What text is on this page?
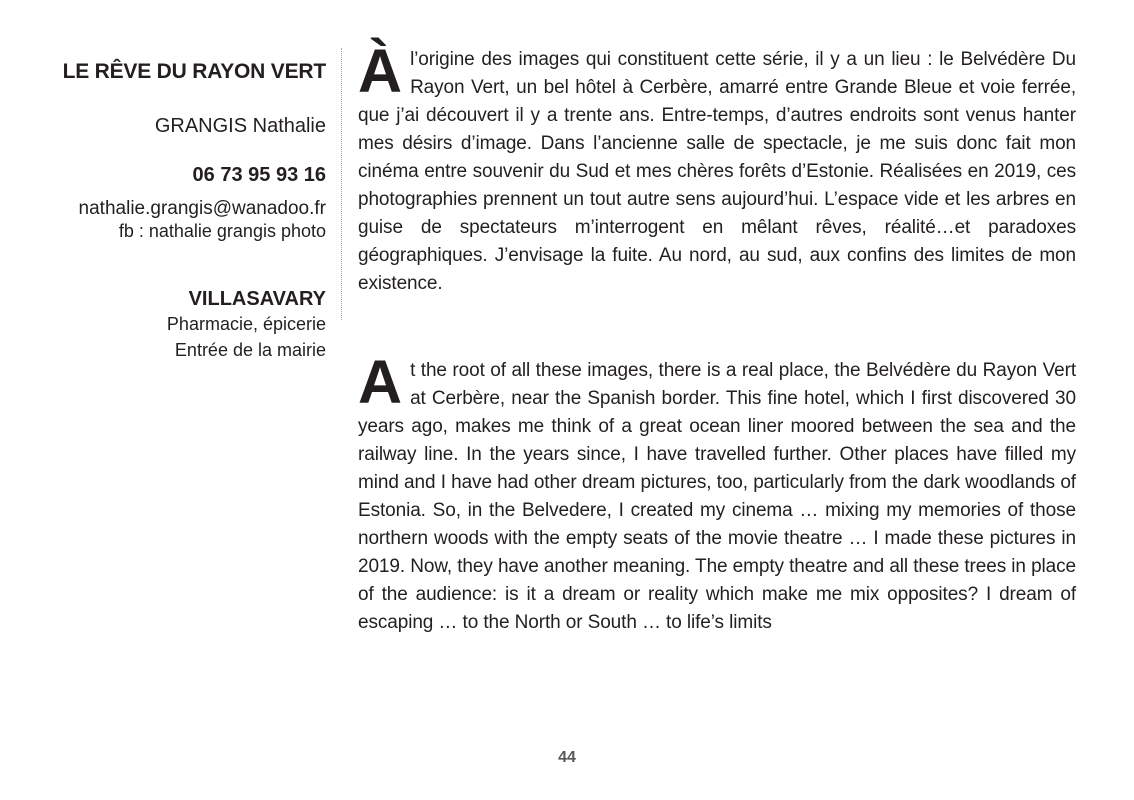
LE RÊVE DU RAYON VERT
GRANGIS Nathalie
06 73 95 93 16
nathalie.grangis@wanadoo.fr
fb : nathalie grangis photo
VILLASAVARY
Pharmacie, épicerie
Entrée de la mairie
Àl’origine des images qui constituent cette série, il y a un lieu : le Belvédère Du Rayon Vert, un bel hôtel à Cerbère, amarré entre Grande Bleue et voie ferrée, que j’ai découvert il y a trente ans. Entre-temps, d’autres endroits sont venus hanter mes désirs d’image. Dans l’ancienne salle de spectacle, je me suis donc fait mon cinéma entre souvenir du Sud et mes chères forêts d’Estonie. Réalisées en 2019, ces photographies prennent un tout autre sens aujourd’hui. L’espace vide et les arbres en guise de spectateurs m’interrogent en mêlant rêves, réalité…et paradoxes géographiques. J’envisage la fuite. Au nord, au sud, aux confins des limites de mon existence.
At the root of all these images, there is a real place, the Belvédère du Rayon Vert at Cerbère, near the Spanish border. This fine hotel, which I first discovered 30 years ago, makes me think of a great ocean liner moored between the sea and the railway line. In the years since, I have travelled further. Other places have filled my mind and I have had other dream pictures, too, particularly from the dark woodlands of Estonia. So, in the Belvedere, I created my cinema … mixing my memories of those northern woods with the empty seats of the movie theatre … I made these pictures in 2019. Now, they have another meaning. The empty theatre and all these trees in place of the audience: is it a dream or reality which make me mix opposites? I dream of escaping … to the North or South … to life’s limits
44
